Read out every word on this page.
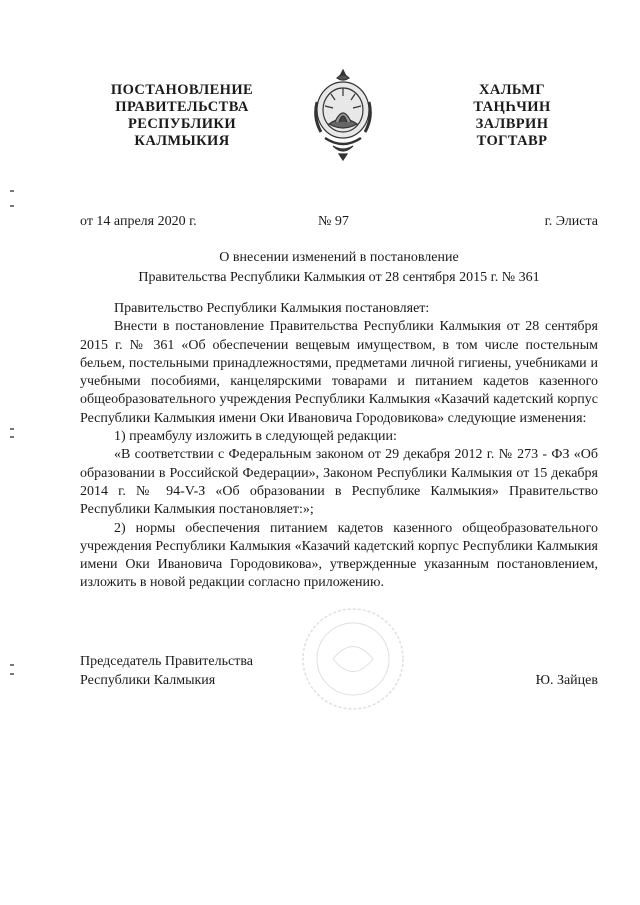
ПОСТАНОВЛЕНИЕ
ПРАВИТЕЛЬСТВА
РЕСПУБЛИКИ
КАЛМЫКИЯ
ХАЛЬМГ
ТАҢҺЧИН
ЗАЛВРИН
ТОГТАВР
от 14 апреля 2020 г.	№ 97	г. Элиста
О внесении изменений в постановление
Правительства Республики Калмыкия от 28 сентября 2015 г. № 361

Правительство Республики Калмыкия постановляет:

Внести в постановление Правительства Республики Калмыкия от 28 сентября 2015 г. № 361 «Об обеспечении вещевым имуществом, в том числе постельным бельем, постельными принадлежностями, предметами личной гигиены, учебниками и учебными пособиями, канцелярскими товарами и питанием кадетов казенного общеобразовательного учреждения Республики Калмыкия «Казачий кадетский корпус Республики Калмыкия имени Оки Ивановича Городовикова» следующие изменения:

1) преамбулу изложить в следующей редакции:

«В соответствии с Федеральным законом от 29 декабря 2012 г. № 273 - ФЗ «Об образовании в Российской Федерации», Законом Республики Калмыкия от 15 декабря 2014 г. № 94-V-З «Об образовании в Республике Калмыкия» Правительство Республики Калмыкия постановляет:»;

2) нормы обеспечения питанием кадетов казенного общеобразовательного учреждения Республики Калмыкия «Казачий кадетский корпус Республики Калмыкия имени Оки Ивановича Городовикова», утвержденные указанным постановлением, изложить в новой редакции согласно приложению.

Председатель Правительства
Республики Калмыкия	Ю. Зайцев
